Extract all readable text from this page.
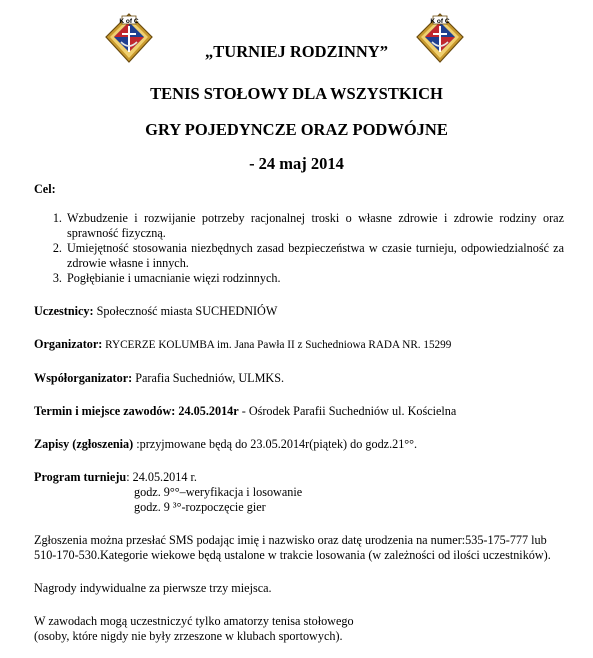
K of C	K of C
„TURNIEJ RODZINNY”
TENIS STOŁOWY DLA WSZYSTKICH
GRY POJEDYNCZE ORAZ PODWÓJNE
- 24 maj 2014

Cel:

1. Wzbudzenie i rozwijanie potrzeby racjonalnej troski o własne zdrowie i zdrowie rodziny oraz sprawność fizyczną.
2. Umiejętność stosowania niezbędnych zasad bezpieczeństwa w czasie turnieju, odpowiedzialność za zdrowie własne i innych.
3. Pogłębianie i umacnianie więzi rodzinnych.

Uczestnicy: Społeczność miasta SUCHEDNIÓW

Organizator: RYCERZE KOLUMBA im. Jana Pawła II z Suchedniowa RADA NR. 15299

Współorganizator: Parafia Suchedniów, ULMKS.

Termin i miejsce zawodów: 24.05.2014r - Ośrodek Parafii Suchedniów ul. Kościelna

Zapisy (zgłoszenia) :przyjmowane będą do 23.05.2014r(piątek) do godz.21°°.

Program turnieju: 24.05.2014 r.

godz. 9°°–weryfikacja i losowanie

godz. 9 ³°-rozpoczęcie gier

Zgłoszenia można przesłać SMS podając imię i nazwisko oraz datę urodzenia na numer:535-175-777 lub 510-170-530.Kategorie wiekowe będą ustalone w trakcie losowania (w zależności od ilości uczestników).

Nagrody indywidualne za pierwsze trzy miejsca.

W zawodach mogą uczestniczyć tylko amatorzy tenisa stołowego

(osoby, które nigdy nie były zrzeszone w klubach sportowych).
